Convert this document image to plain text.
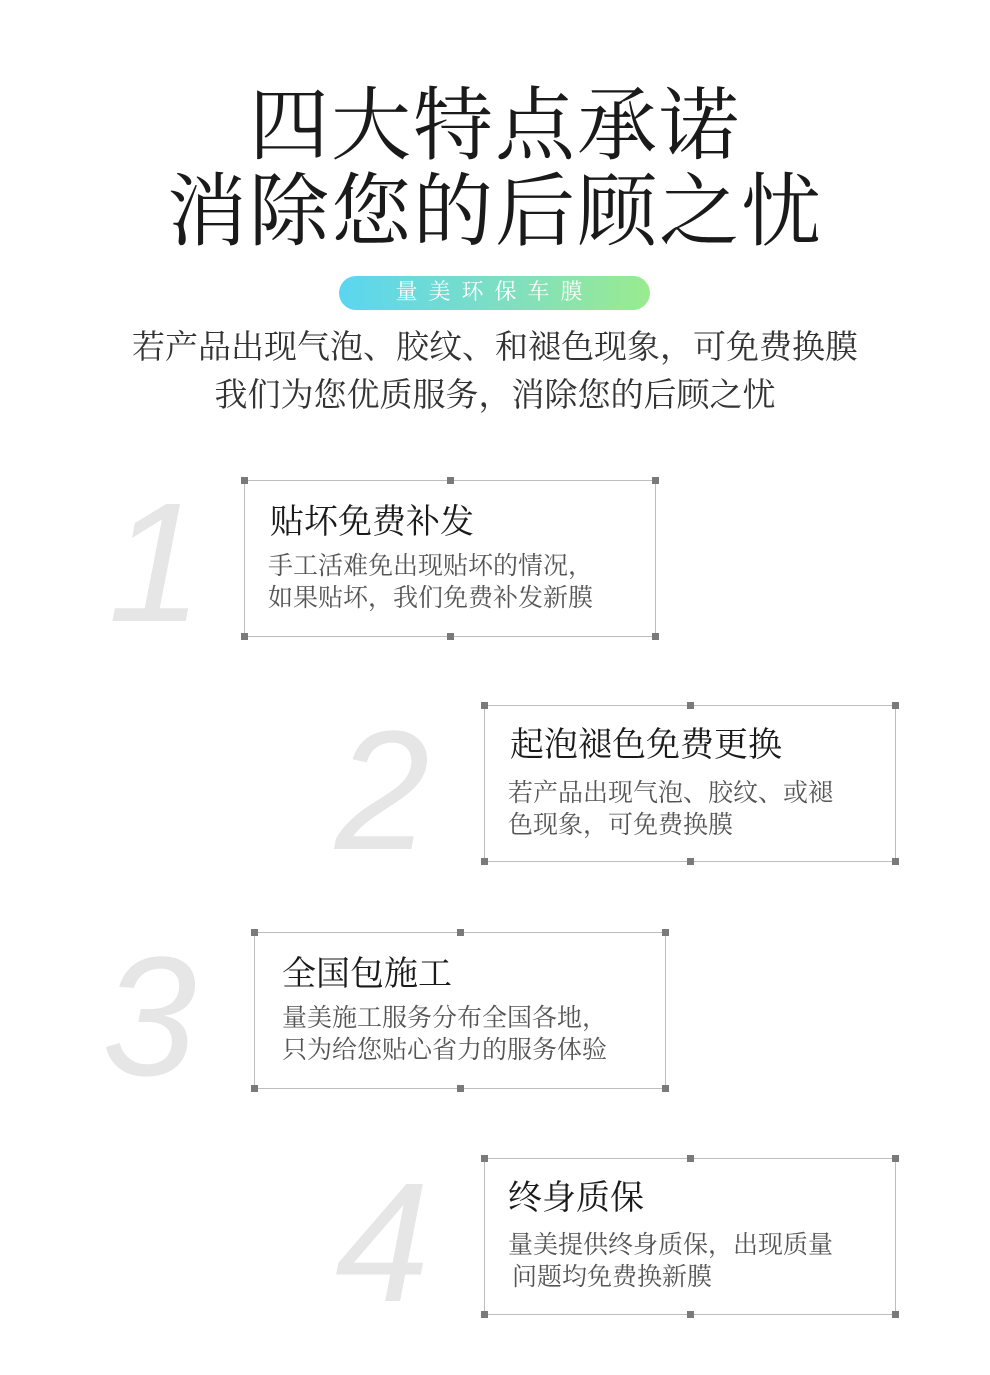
四大特点承诺
消除您的后顾之忧
量美环保车膜
若产品出现气泡、胶纹、和褪色现象，可免费换膜
我们为您优质服务，消除您的后顾之忧
1 贴坏免费补发
手工活难免出现贴坏的情况，
如果贴坏，我们免费补发新膜
2 起泡褪色免费更换
若产品出现气泡、胶纹、或褪
色现象，可免费换膜
3	全国包施工
量美施工服务分布全国各地，
只为给您贴心省力的服务体验
4 终身质保
量美提供终身质保，出现质量
问题均免费换新膜
